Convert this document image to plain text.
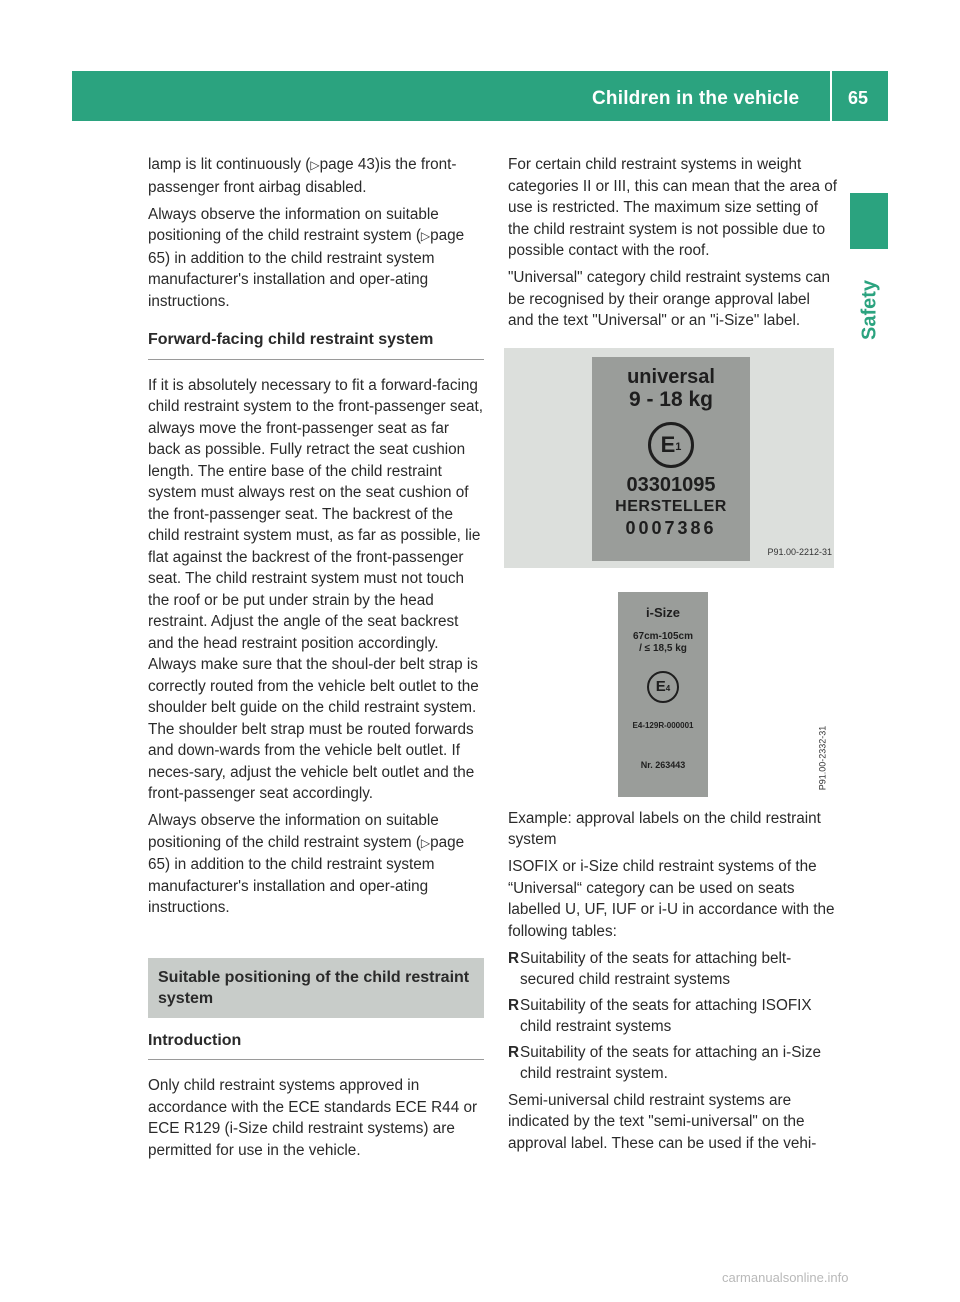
Children in the vehicle	65
Safety

lamp is lit continuously (▷page 43)is the front-passenger front airbag disabled.

Always observe the information on suitable positioning of the child restraint system (▷page 65) in addition to the child restraint system manufacturer's installation and oper-ating instructions.

Forward-facing child restraint system

If it is absolutely necessary to fit a forward-facing child restraint system to the front-passenger seat, always move the front-passenger seat as far back as possible. Fully retract the seat cushion length. The entire base of the child restraint system must always rest on the seat cushion of the front-passenger seat. The backrest of the child restraint system must, as far as possible, lie flat against the backrest of the front-passenger seat. The child restraint system must not touch the roof or be put under strain by the head restraint. Adjust the angle of the seat backrest and the head restraint position accordingly. Always make sure that the shoul-der belt strap is correctly routed from the vehicle belt outlet to the shoulder belt guide on the child restraint system. The shoulder belt strap must be routed forwards and down-wards from the vehicle belt outlet. If neces-sary, adjust the vehicle belt outlet and the front-passenger seat accordingly.

Always observe the information on suitable positioning of the child restraint system (▷page 65) in addition to the child restraint system manufacturer's installation and oper-ating instructions.

Suitable positioning of the child restraint system

Introduction

Only child restraint systems approved in accordance with the ECE standards ECE R44 or ECE R129 (i-Size child restraint systems) are permitted for use in the vehicle.

For certain child restraint systems in weight categories II or III, this can mean that the area of use is restricted. The maximum size setting of the child restraint system is not possible due to possible contact with the roof.

"Universal" category child restraint systems can be recognised by their orange approval label and the text "Universal" or an "i-Size" label.

universal
9 - 18 kg
$E_1$
03301095
HERSTELLER
0007386
P91.00-2212-31
i-Size
67cm-105cm
/ ≤ 18,5 kg
E4
E4-129R-000001
Nr. 263443	P91.00-2332-31

Example: approval labels on the child restraint system

ISOFIX or i-Size child restraint systems of the “Universal“ category can be used on seats labelled U, UF, IUF or i-U in accordance with the following tables:

R Suitability of the seats for attaching belt-secured child restraint systems
R Suitability of the seats for attaching ISOFIX child restraint systems
R Suitability of the seats for attaching an i-Size child restraint system.

Semi-universal child restraint systems are indicated by the text "semi-universal" on the approval label. These can be used if the vehi-

carmanualsonline.info
